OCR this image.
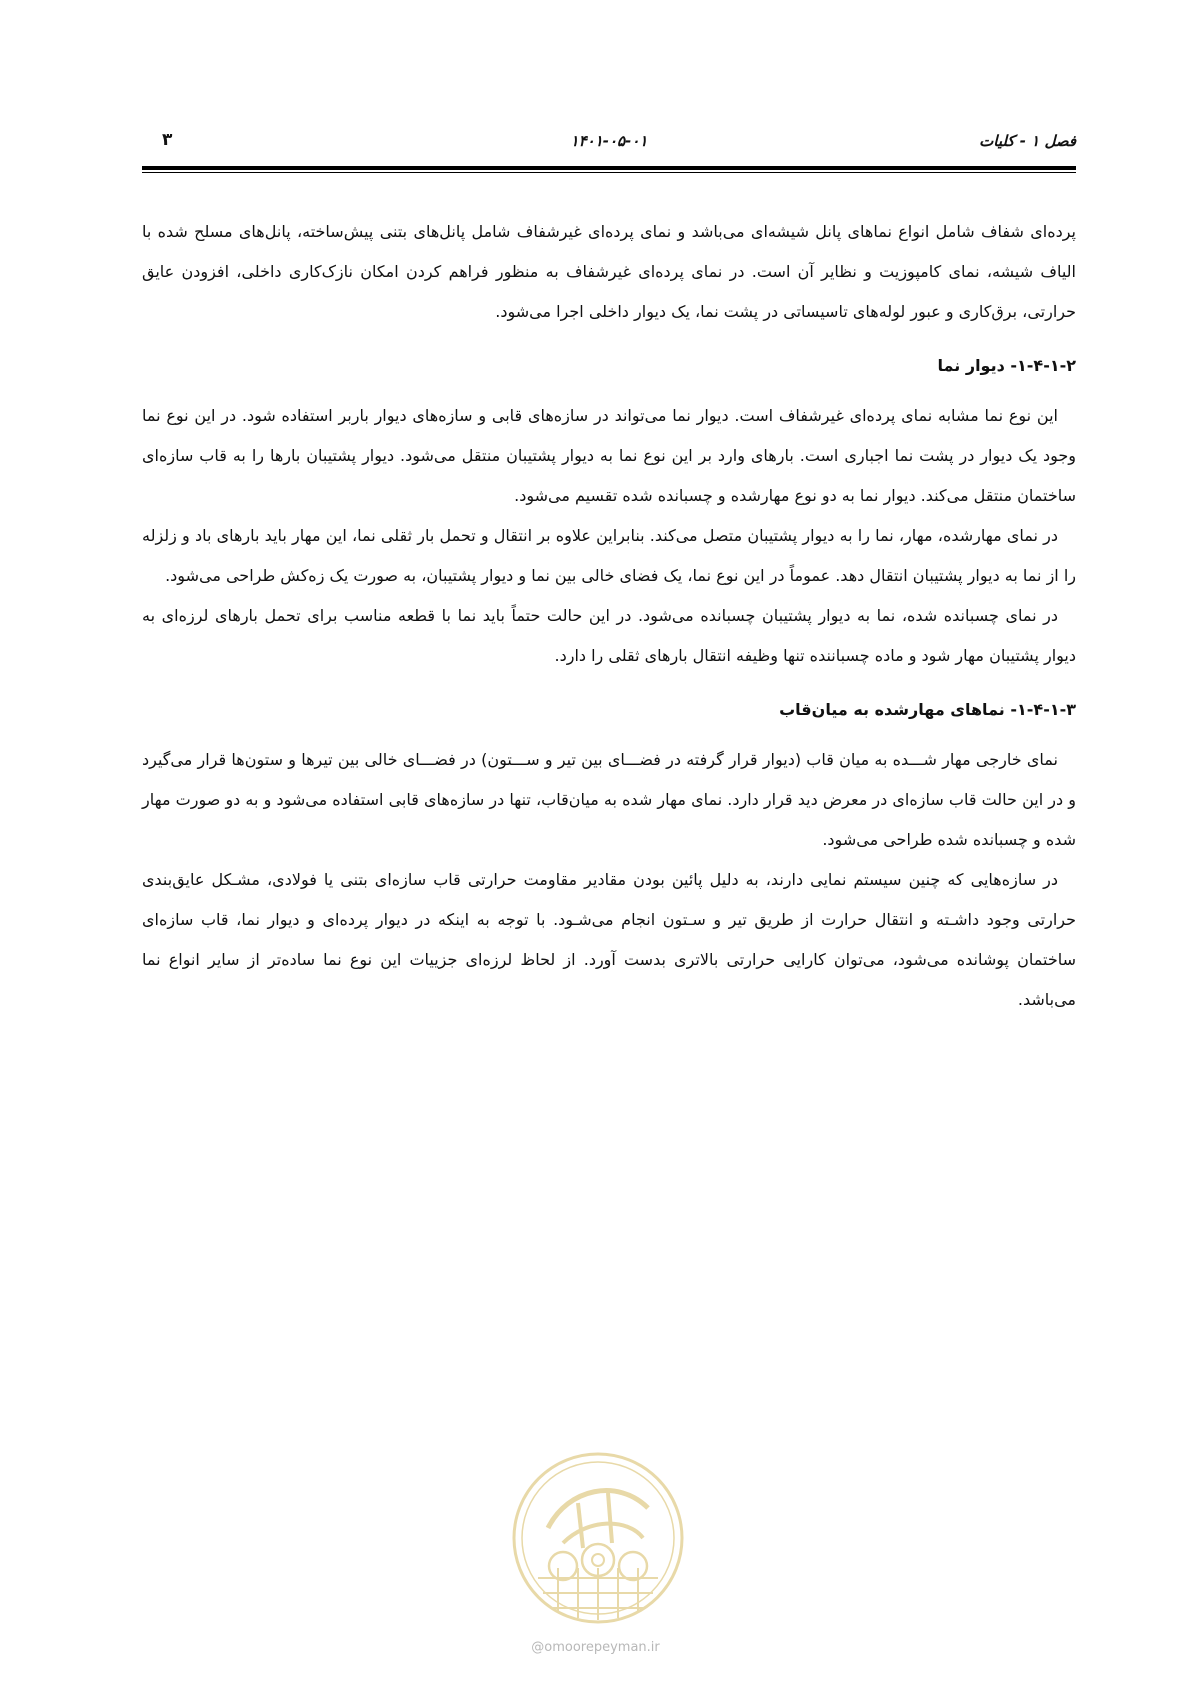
فصل ۱ - کلیات
۱۴۰۱-۰۵-۰۱
۳

پرده‌ای شفاف شامل انواع نماهای پانل شیشه‌ای می‌باشد و نمای پرده‌ای غیرشفاف شامل پانل‌های بتنی پیش‌ساخته، پانل‌های مسلح شده با الیاف شیشه، نمای کامپوزیت و نظایر آن است. در نمای پرده‌ای غیرشفاف به منظور فراهم کردن امکان نازک‌کاری داخلی، افزودن عایق حرارتی، برق‌کاری و عبور لوله‌های تاسیساتی در پشت نما، یک دیوار داخلی اجرا می‌شود.

۱-۴-۱-۲- دیوار نما

این نوع نما مشابه نمای پرده‌ای غیرشفاف است. دیوار نما می‌تواند در سازه‌های قابی و سازه‌های دیوار باربر استفاده شود. در این نوع نما وجود یک دیوار در پشت نما اجباری است. بارهای وارد بر این نوع نما به دیوار پشتیبان منتقل می‌شود. دیوار پشتیبان بارها را به قاب سازه‌ای ساختمان منتقل می‌کند. دیوار نما به دو نوع مهارشده و چسبانده شده تقسیم می‌شود.

در نمای مهارشده، مهار، نما را به دیوار پشتیبان متصل می‌کند. بنابراین علاوه بر انتقال و تحمل بار ثقلی نما، این مهار باید بارهای باد و زلزله را از نما به دیوار پشتیبان انتقال دهد. عموماً در این نوع نما، یک فضای خالی بین نما و دیوار پشتیبان، به صورت یک زه‌کش طراحی می‌شود.

در نمای چسبانده شده، نما به دیوار پشتیبان چسبانده می‌شود. در این حالت حتماً باید نما با قطعه مناسب برای تحمل بارهای لرزه‌ای به دیوار پشتیبان مهار شود و ماده چسباننده تنها وظیفه انتقال بارهای ثقلی را دارد.

۱-۴-۱-۳- نماهای مهارشده به میان‌قاب

نمای خارجی مهار شـــده به میان قاب (دیوار قرار گرفته در فضـــای بین تیر و ســـتون) در فضـــای خالی بین تیرها و ستون‌ها قرار می‌گیرد و در این حالت قاب سازه‌ای در معرض دید قرار دارد. نمای مهار شده به میان‌قاب، تنها در سازه‌های قابی استفاده می‌شود و به دو صورت مهار شده و چسبانده شده طراحی می‌شود.

در سازه‌هایی که چنین سیستم نمایی دارند، به دلیل پائین بودن مقادیر مقاومت حرارتی قاب سازه‌ای بتنی یا فولادی، مشـکل عایق‌بندی حرارتی وجود داشـته و انتقال حرارت از طریق تیر و سـتون انجام می‌شـود. با توجه به اینکه در دیوار پرده‌ای و دیوار نما، قاب سازه‌ای ساختمان پوشانده می‌شود، می‌توان کارایی حرارتی بالاتری بدست آورد. از لحاظ لرزه‌ای جزییات این نوع نما ساده‌تر از سایر انواع نما می‌باشد.

@omoorepeyman.ir
